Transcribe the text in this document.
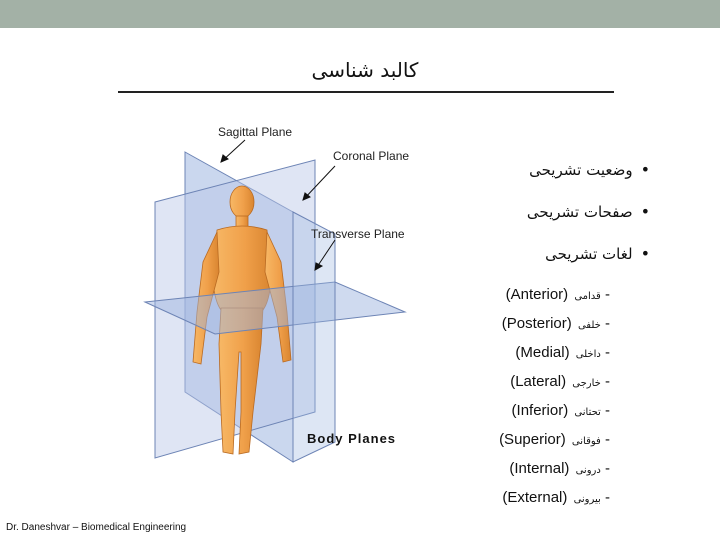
کالبد شناسی
Sagittal Plane
Coronal Plane
Transverse Plane
Body Planes
•وضعیت تشریحی
•صفحات تشریحی
•لغات تشریحی
(Anterior) قدامی -
(Posterior) خلفی -
(Medial) داخلی -
(Lateral) خارجی -
(Inferior) تحتانی -
(Superior) فوقانی -
(Internal) درونی -
(External) بیرونی -
Dr. Daneshvar – Biomedical Engineering
